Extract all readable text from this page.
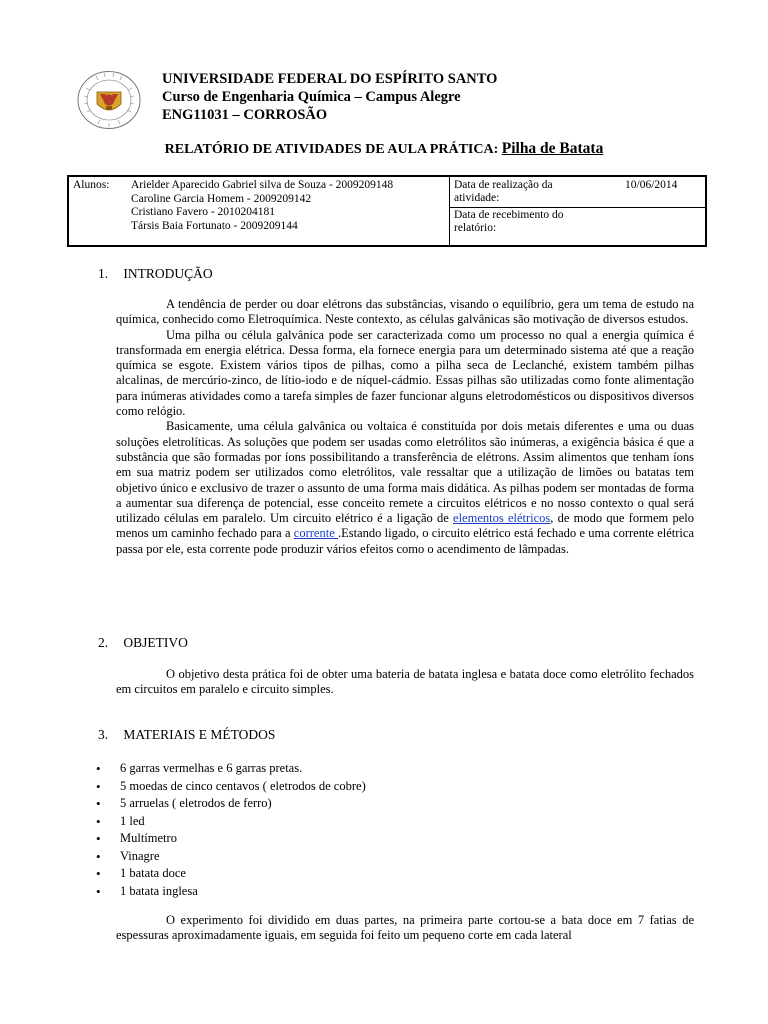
UNIVERSIDADE FEDERAL DO ESPÍRITO SANTO
Curso de Engenharia Química – Campus Alegre
ENG11031 – CORROSÃO
RELATÓRIO DE ATIVIDADES DE AULA PRÁTICA: Pilha de Batata
Alunos: Arielder Aparecido Gabriel silva de Souza - 2009209148
Caroline Garcia Homem - 2009209142
Cristiano Favero - 2010204181
Társis Baia Fortunato - 2009209144
Data de realização da atividade:
10/06/2014
Data de recebimento do relatório:
1. INTRODUÇÃO

A tendência de perder ou doar elétrons das substâncias, visando o equilíbrio, gera um tema de estudo na química, conhecido como Eletroquímica. Neste contexto, as células galvânicas são motivação de diversos estudos.

Uma pilha ou célula galvânica pode ser caracterizada como um processo no qual a energia química é transformada em energia elétrica. Dessa forma, ela fornece energia para um determinado sistema até que a reação química se esgote. Existem vários tipos de pilhas, como a pilha seca de Leclanché, existem também pilhas alcalinas, de mercúrio-zinco, de lítio-iodo e de níquel-cádmio. Essas pilhas são utilizadas como fonte alimentação para inúmeras atividades como a tarefa simples de fazer funcionar alguns eletrodomésticos ou dispositivos diversos como relógio.

Basicamente, uma célula galvânica ou voltaica é constituída por dois metais diferentes e uma ou duas soluções eletrolíticas. As soluções que podem ser usadas como eletrólitos são inúmeras, a exigência básica é que a substância que são formadas por íons possibilitando a transferência de elétrons. Assim alimentos que tenham íons em sua matriz podem ser utilizados como eletrólitos, vale ressaltar que a utilização de limões ou batatas tem objetivo único e exclusivo de trazer o assunto de uma forma mais didática. As pilhas podem ser montadas de forma a aumentar sua diferença de potencial, esse conceito remete a circuitos elétricos e no nosso contexto o qual será utilizado células em paralelo. Um circuito elétrico é a ligação de elementos elétricos, de modo que formem pelo menos um caminho fechado para a corrente .Estando ligado, o circuito elétrico está fechado e uma corrente elétrica passa por ele, esta corrente pode produzir vários efeitos como o acendimento de lâmpadas.

2. OBJETIVO

O objetivo desta prática foi de obter uma bateria de batata inglesa e batata doce como eletrólito fechados em circuitos em paralelo e circuito simples.

3. MATERIAIS E MÉTODOS
• 6 garras vermelhas e 6 garras pretas.
• 5 moedas de cinco centavos ( eletrodos de cobre)
• 5 arruelas ( eletrodos de ferro)
• 1 led
• Multímetro
• Vinagre
• 1 batata doce
• 1 batata inglesa

O experimento foi dividido em duas partes, na primeira parte cortou-se a bata doce em 7 fatias de espessuras aproximadamente iguais, em seguida foi feito um pequeno corte em cada lateral
